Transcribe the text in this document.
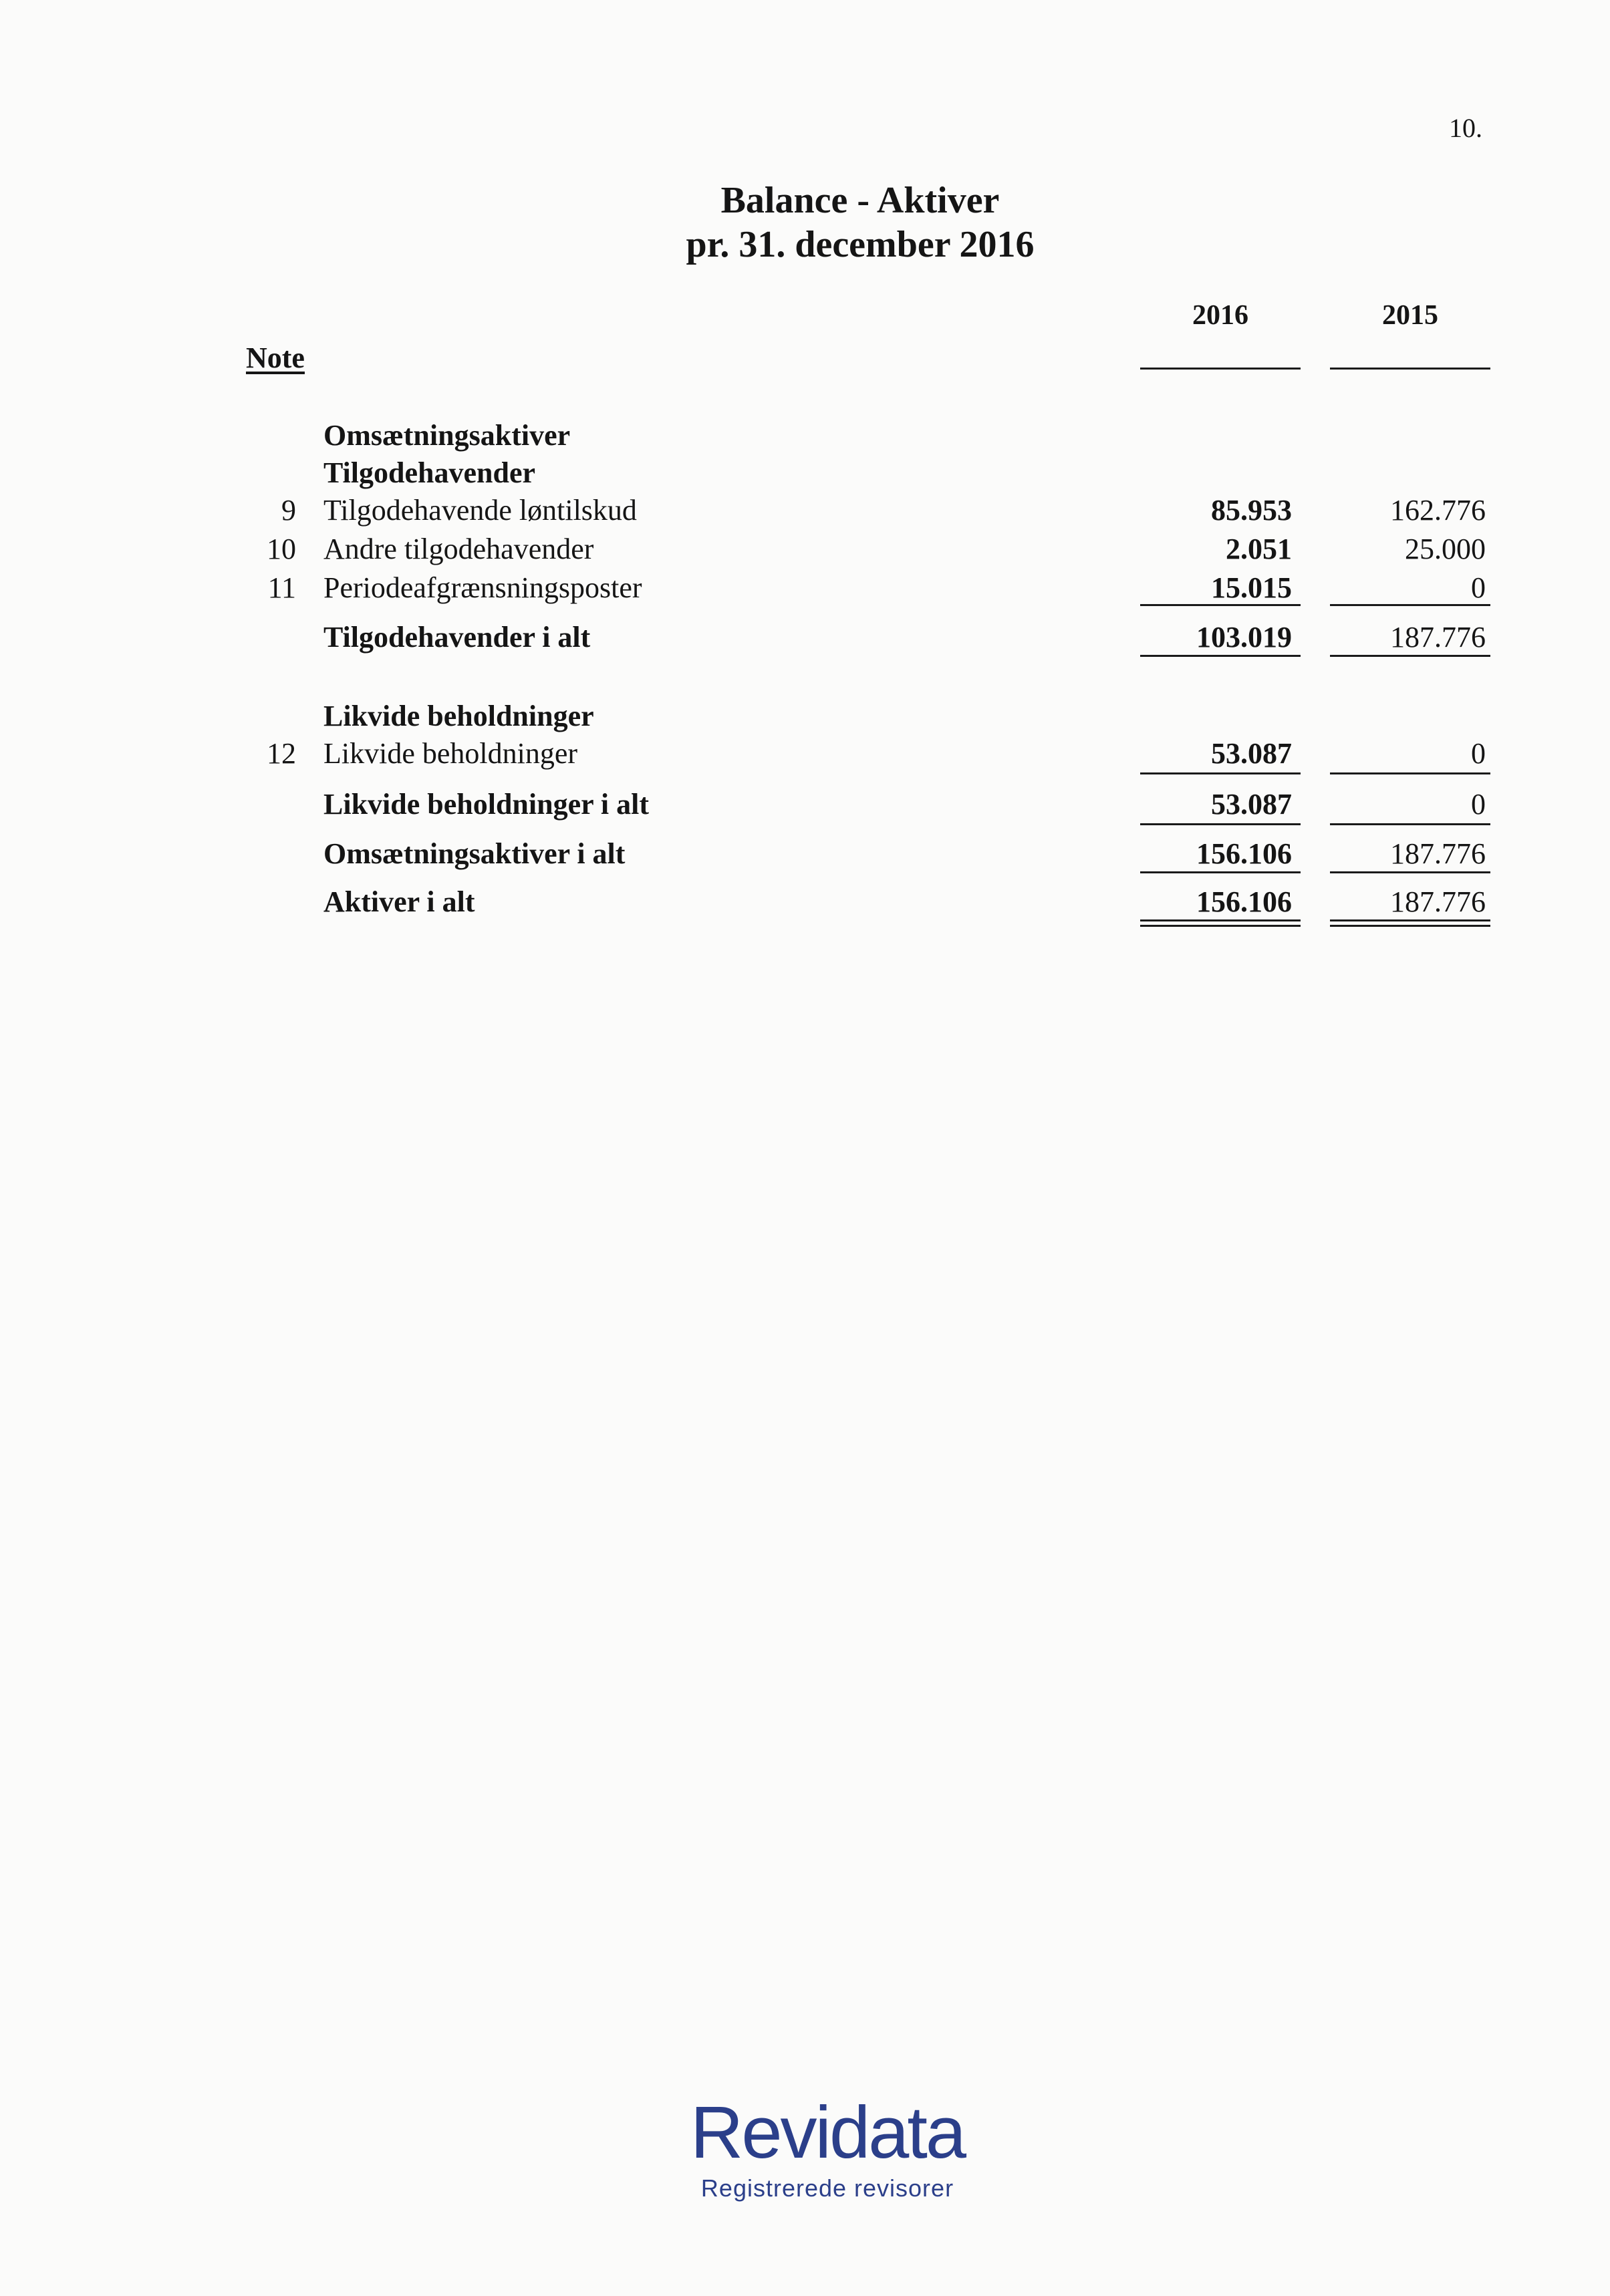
10.
Balance - Aktiver
pr. 31. december 2016
Note
2016	2015
Omsætningsaktiver
Tilgodehavender
9 Tilgodehavende løntilskud	85.953	162.776
10 Andre tilgodehavender	2.051	25.000
11 Periodeafgrænsningsposter	15.015	0
Tilgodehavender i alt	103.019	187.776
Likvide beholdninger
12 Likvide beholdninger	53.087	0
Likvide beholdninger i alt	53.087	0
Omsætningsaktiver i alt	156.106	187.776
Aktiver i alt	156.106	187.776
Revidata
Registrerede revisorer
